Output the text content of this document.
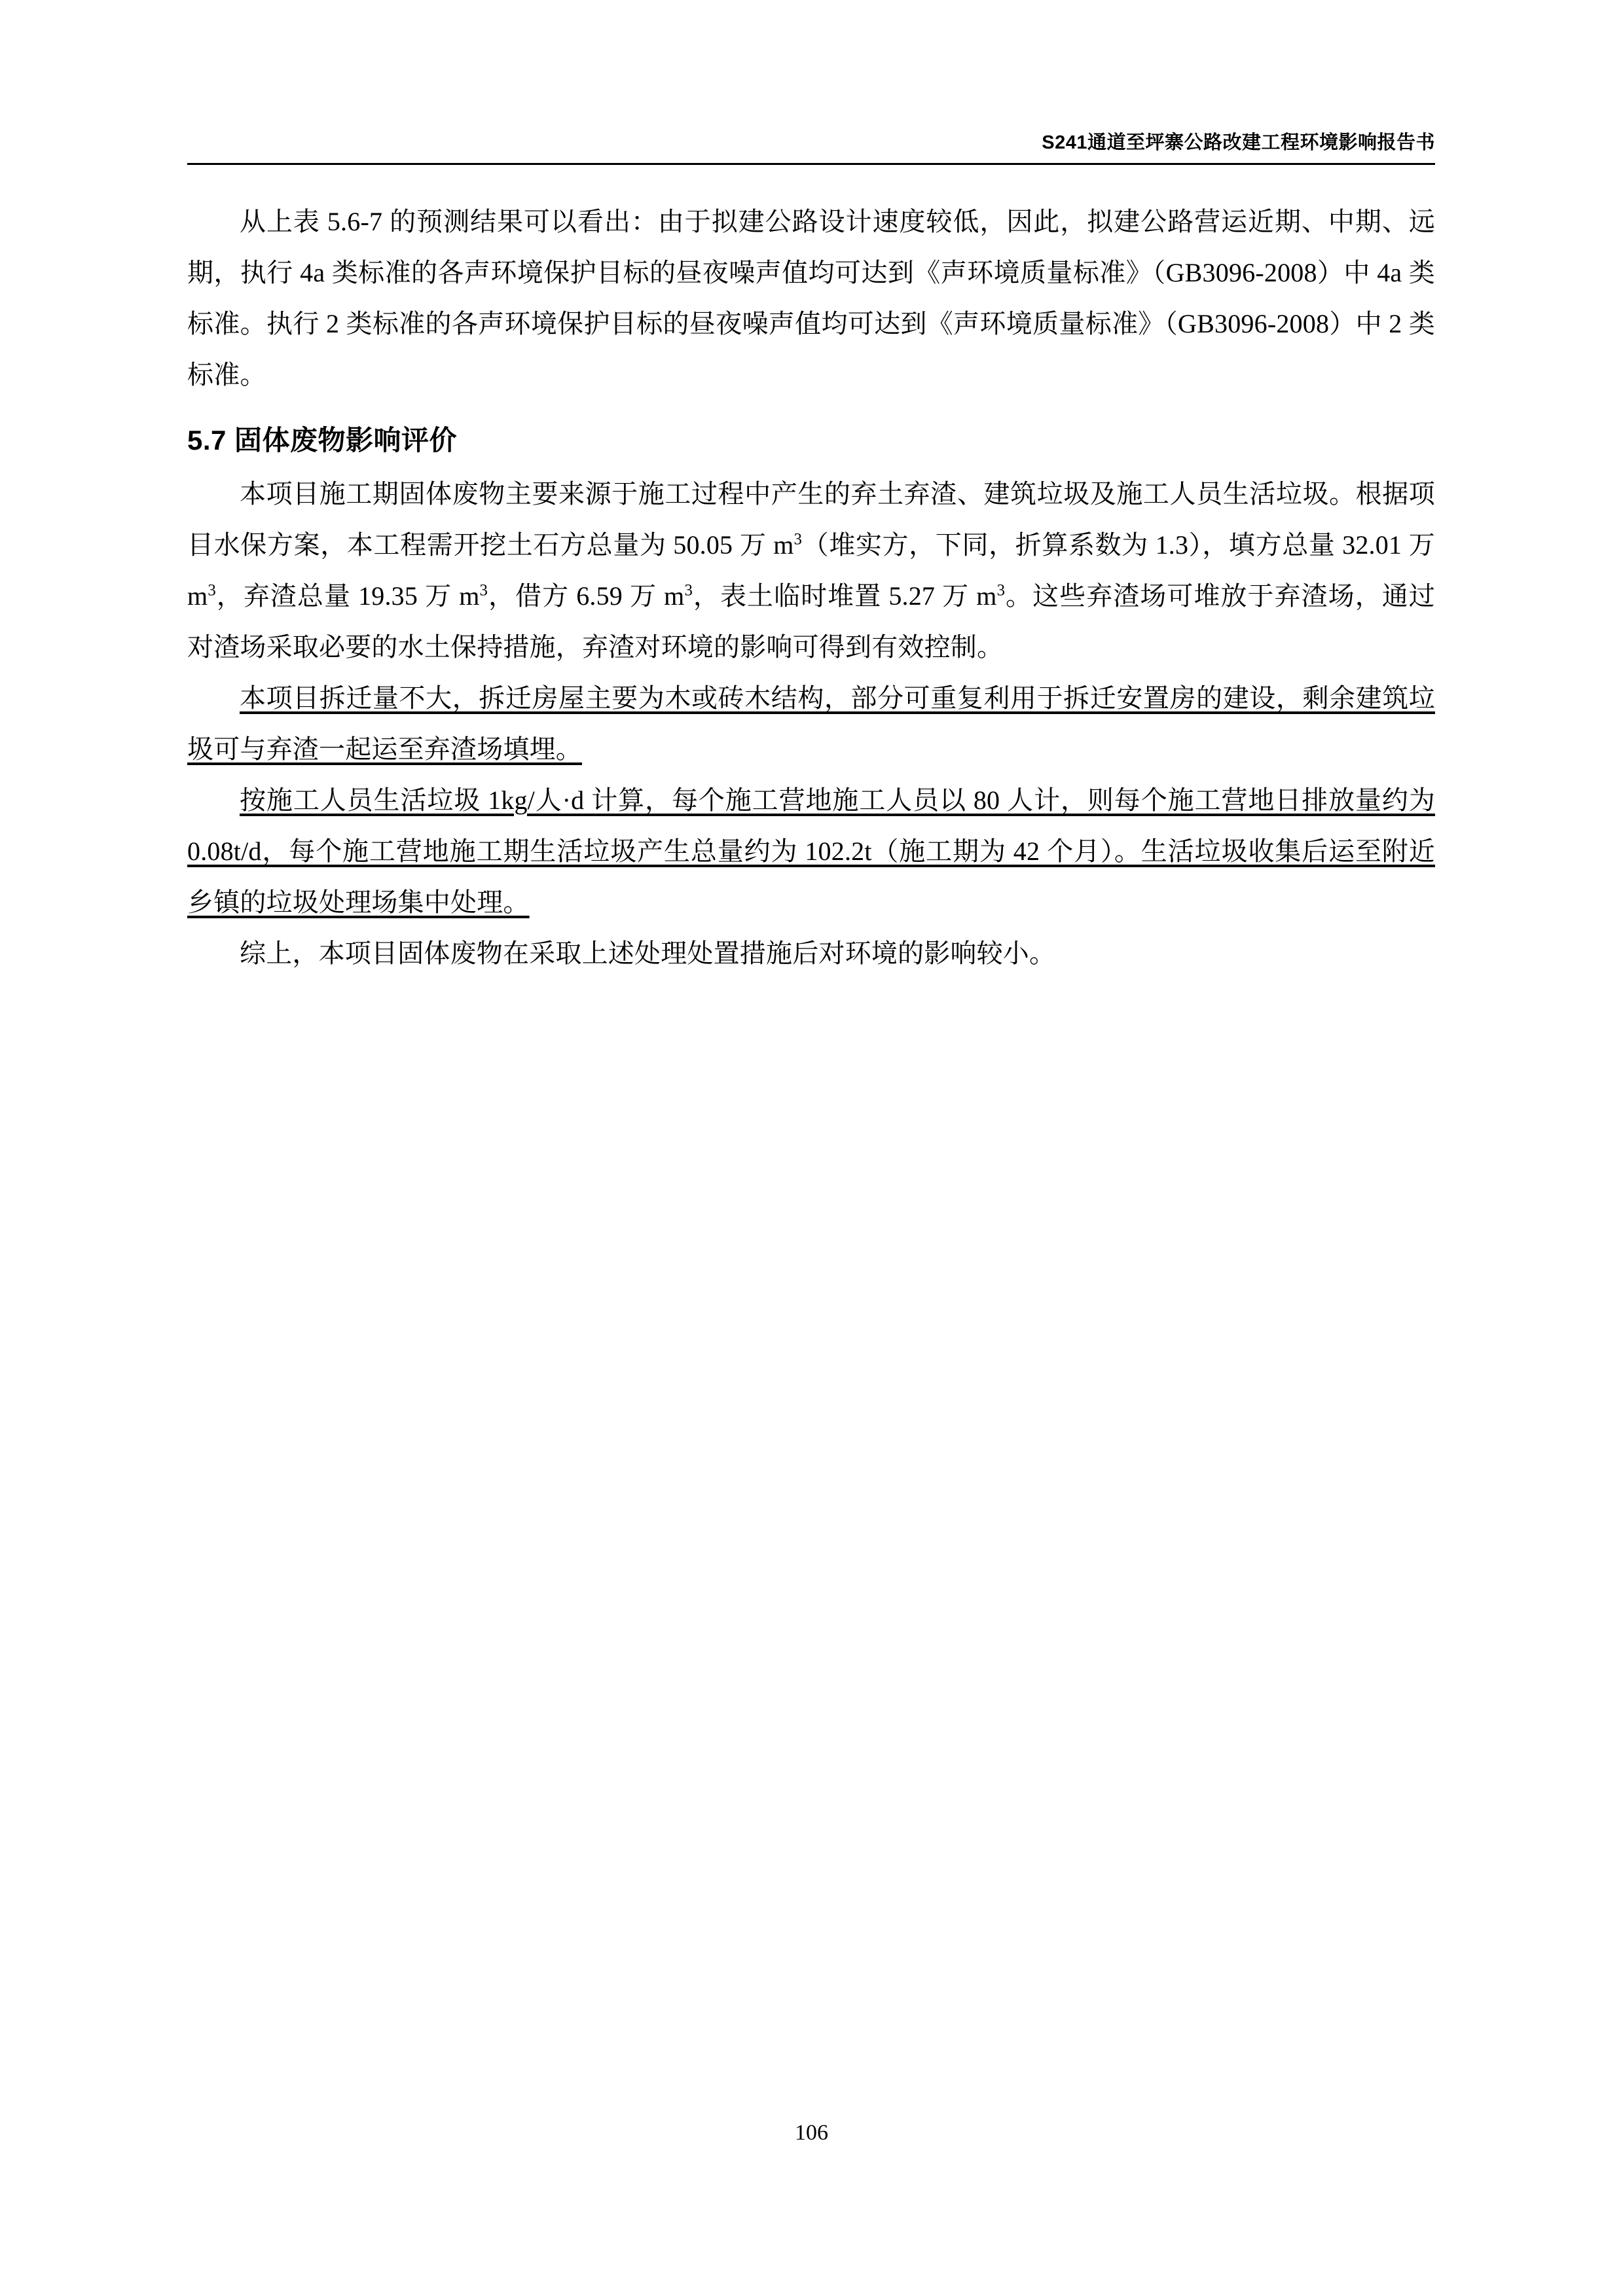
S241通道至坪寨公路改建工程环境影响报告书

从上表 5.6-7 的预测结果可以看出：由于拟建公路设计速度较低，因此，拟建公路营运近期、中期、远期，执行 4a 类标准的各声环境保护目标的昼夜噪声值均可达到《声环境质量标准》（GB3096-2008）中 4a 类标准。执行 2 类标准的各声环境保护目标的昼夜噪声值均可达到《声环境质量标准》（GB3096-2008）中 2 类标准。

5.7 固体废物影响评价

本项目施工期固体废物主要来源于施工过程中产生的弃土弃渣、建筑垃圾及施工人员生活垃圾。根据项目水保方案，本工程需开挖土石方总量为 50.05 万 $m^3$（堆实方，下同，折算系数为 1.3），填方总量 32.01 万 $m^3$，弃渣总量 19.35 万 $m^3$，借方 6.59 万 $m^3$，表土临时堆置 5.27 万 $m^3$。这些弃渣场可堆放于弃渣场，通过对渣场采取必要的水土保持措施，弃渣对环境的影响可得到有效控制。

本项目拆迁量不大，拆迁房屋主要为木或砖木结构，部分可重复利用于拆迁安置房的建设，剩余建筑垃圾可与弃渣一起运至弃渣场填埋。

按施工人员生活垃圾 1kg/人·d 计算，每个施工营地施工人员以 80 人计，则每个施工营地日排放量约为 0.08t/d，每个施工营地施工期生活垃圾产生总量约为 102.2t（施工期为 42 个月）。生活垃圾收集后运至附近乡镇的垃圾处理场集中处理。

综上，本项目固体废物在采取上述处理处置措施后对环境的影响较小。

106
